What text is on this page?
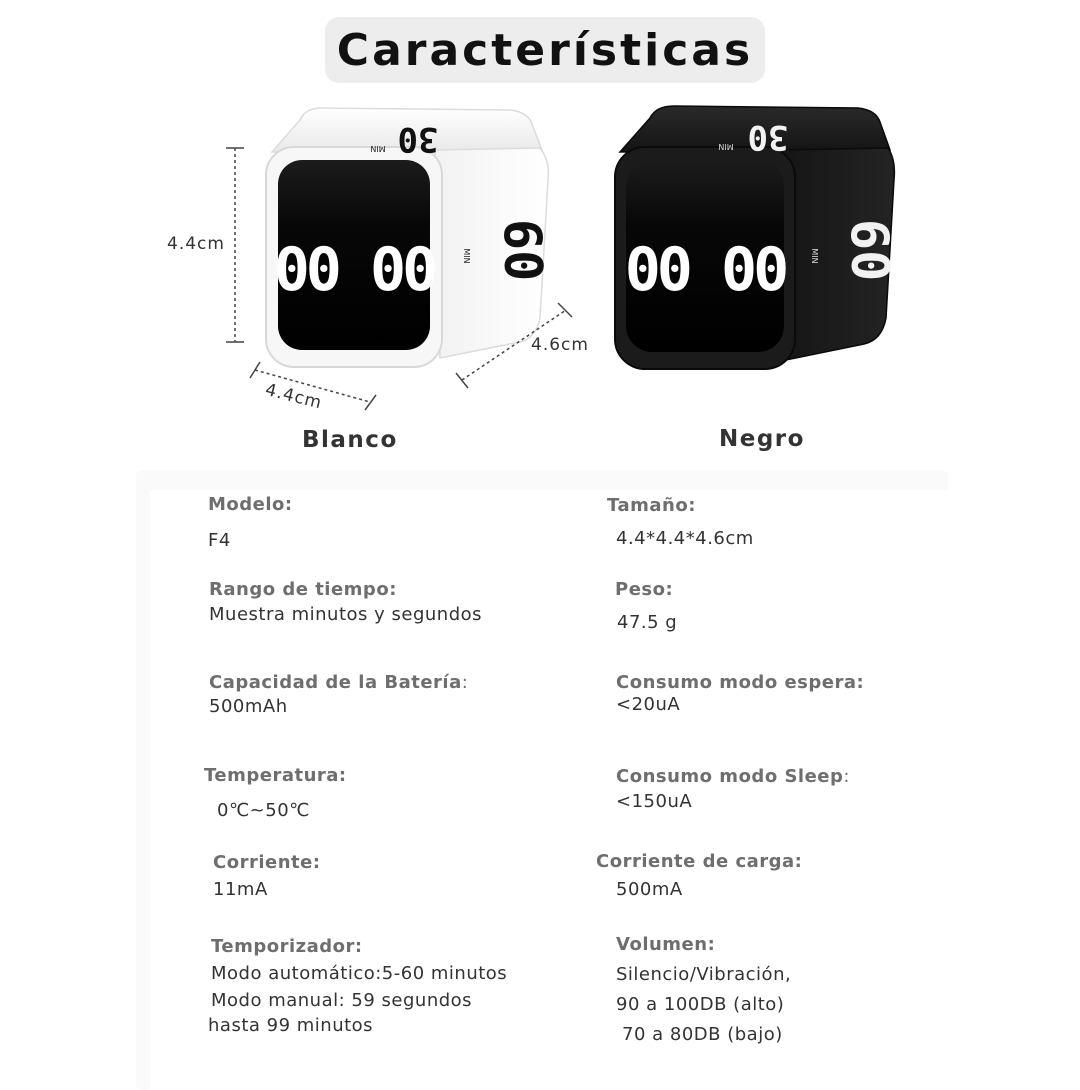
Características
00 00
30
MIN
60
MIN	00 00
30
MIN
60
MIN
4.4cm
4.4cm
4.6cm
Blanco	Negro
Modelo:
F4
Rango de tiempo:
Muestra minutos y segundos
Capacidad de la Batería:
500mAh
Temperatura:
0℃~50℃
Corriente:
11mA
Temporizador:
Modo automático:5-60 minutos
Modo manual: 59 segundos
hasta 99 minutos
Tamaño:
4.4*4.4*4.6cm
Peso:
47.5 g
Consumo modo espera:
<20uA
Consumo modo Sleep:
<150uA
Corriente de carga:
500mA
Volumen:
Silencio/Vibración,
90 a 100DB (alto)
70 a 80DB (bajo)
